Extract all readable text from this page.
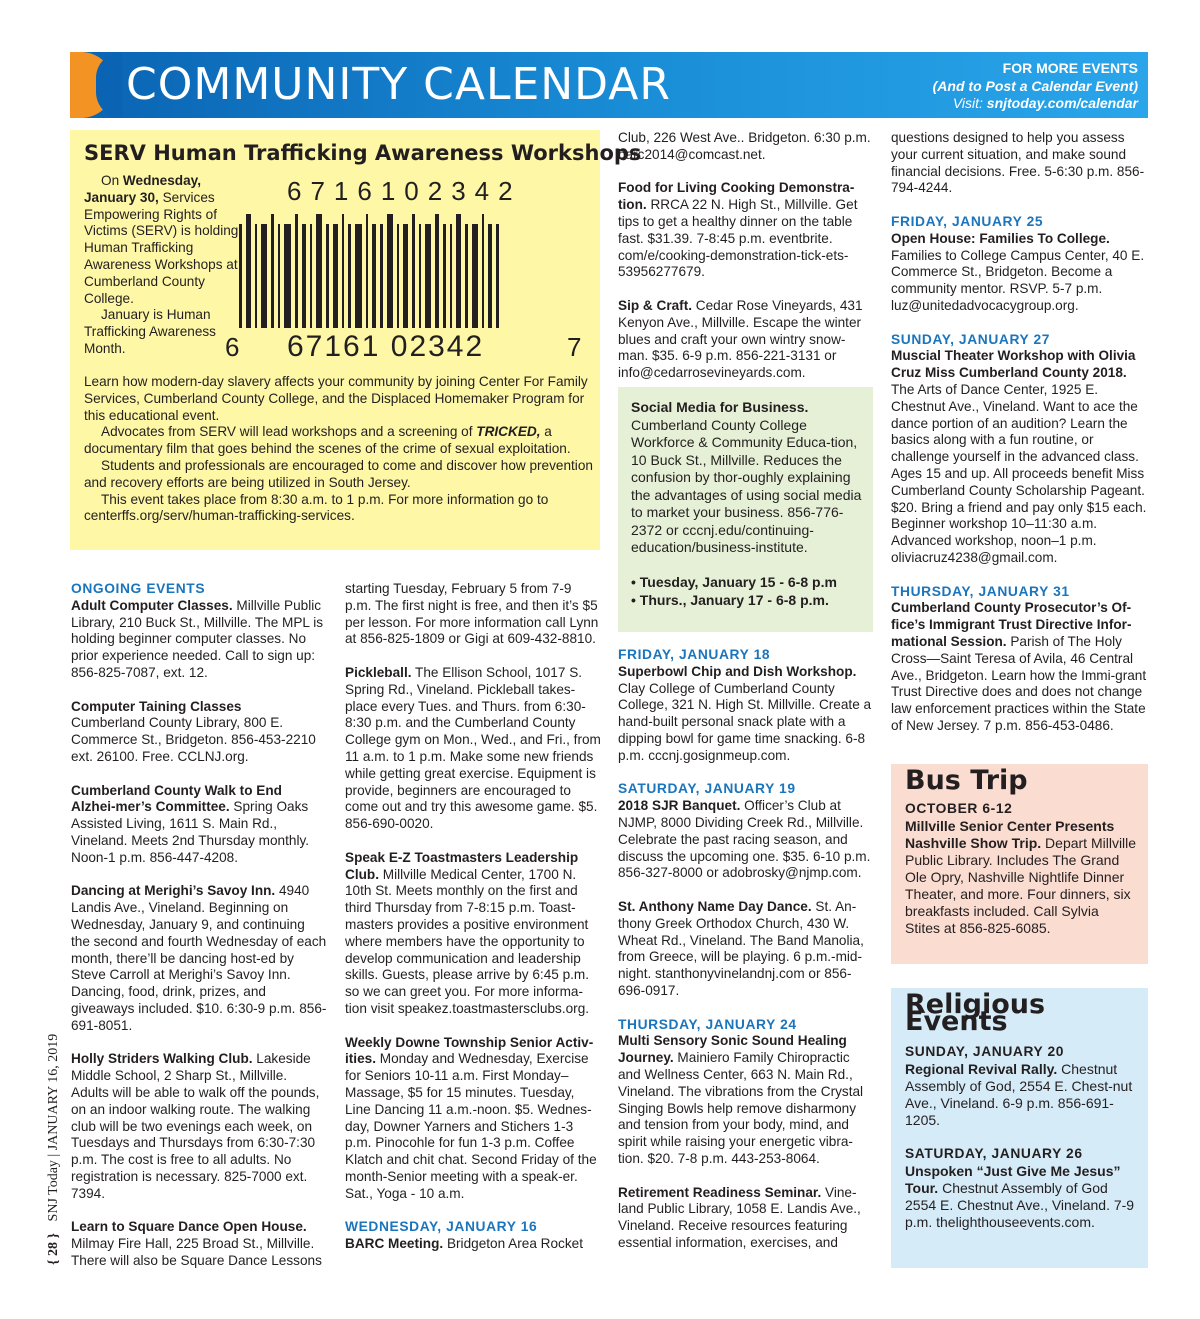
COMMUNITY CALENDAR	FOR MORE EVENTS
(And to Post a Calendar Event)
Visit: snjtoday.com/calendar
SERV Human Trafficking Awareness Workshops
On Wednesday, January 30, Services Empowering Rights of Victims (SERV) is holding Human Trafficking Awareness Workshops at Cumberland County College.
January is Human Trafficking Awareness Month.
6716102342
6 67161 02342	7
Learn how modern-day slavery affects your community by joining Center For Family Services, Cumberland County College, and the Displaced Homemaker Program for this educational event.
Advocates from SERV will lead workshops and a screening of TRICKED, a documentary film that goes behind the scenes of the crime of sexual exploitation.
Students and professionals are encouraged to come and discover how prevention and recovery efforts are being utilized in South Jersey.
This event takes place from 8:30 a.m. to 1 p.m. For more information go to centerffs.org/serv/human-trafficking-services.
ONGOING EVENTS

Adult Computer Classes. Millville Public Library, 210 Buck St., Millville. The MPL is holding beginner computer classes. No prior experience needed. Call to sign up: 856-825-7087, ext. 12.

Computer Taining Classes
Cumberland County Library, 800 E. Commerce St., Bridgeton. 856-453-2210 ext. 26100. Free. CCLNJ.org.

Cumberland County Walk to End Alzhei-mer’s Committee. Spring Oaks Assisted Living, 1611 S. Main Rd., Vineland. Meets 2nd Thursday monthly. Noon-1 p.m. 856-447-4208.

Dancing at Merighi’s Savoy Inn. 4940 Landis Ave., Vineland. Beginning on Wednesday, January 9, and continuing the second and fourth Wednesday of each month, there’ll be dancing host-ed by Steve Carroll at Merighi’s Savoy Inn. Dancing, food, drink, prizes, and giveaways included. $10. 6:30-9 p.m. 856-691-8051.

Holly Striders Walking Club. Lakeside Middle School, 2 Sharp St., Millville. Adults will be able to walk off the pounds, on an indoor walking route. The walking club will be two evenings each week, on Tuesdays and Thursdays from 6:30-7:30 p.m. The cost is free to all adults. No registration is necessary. 825-7000 ext. 7394.

Learn to Square Dance Open House. Milmay Fire Hall, 225 Broad St., Millville. There will also be Square Dance Lessons

starting Tuesday, February 5 from 7-9 p.m. The first night is free, and then it’s $5 per lesson. For more information call Lynn at 856-825-1809 or Gigi at 609-432-8810.

Pickleball. The Ellison School, 1017 S. Spring Rd., Vineland. Pickleball takes-place every Tues. and Thurs. from 6:30-8:30 p.m. and the Cumberland County College gym on Mon., Wed., and Fri., from 11 a.m. to 1 p.m. Make some new friends while getting great exercise. Equipment is provide, beginners are encouraged to come out and try this awesome game. $5. 856-690-0020.

Speak E-Z Toastmasters Leadership Club. Millville Medical Center, 1700 N. 10th St. Meets monthly on the first and third Thursday from 7-8:15 p.m. Toast-masters provides a positive environment where members have the opportunity to develop communication and leadership skills. Guests, please arrive by 6:45 p.m. so we can greet you. For more informa-tion visit speakez.toastmastersclubs.org.

Weekly Downe Township Senior Activ-ities. Monday and Wednesday, Exercise for Seniors 10-11 a.m. First Monday–Massage, $5 for 15 minutes. Tuesday, Line Dancing 11 a.m.-noon. $5. Wednes-day, Downer Yarners and Stichers 1-3 p.m. Pinocohle for fun 1-3 p.m. Coffee Klatch and chit chat. Second Friday of the month-Senior meeting with a speak-er. Sat., Yoga - 10 a.m.

WEDNESDAY, JANUARY 16

BARC Meeting. Bridgeton Area Rocket

Club, 226 West Ave.. Bridgeton. 6:30 p.m. barc2014@comcast.net.

Food for Living Cooking Demonstra-tion. RRCA 22 N. High St., Millville. Get tips to get a healthy dinner on the table fast. $31.39. 7-8:45 p.m. eventbrite. com/e/cooking-demonstration-tick-ets-53956277679.

Sip & Craft. Cedar Rose Vineyards, 431 Kenyon Ave., Millville. Escape the winter blues and craft your own wintry snow-man. $35. 6-9 p.m. 856-221-3131 or info@cedarrosevineyards.com.

Social Media for Business.
Cumberland County College Workforce & Community Educa-tion, 10 Buck St., Millville. Reduces the confusion by thor-oughly explaining the advantages of using social media to market your business. 856-776-2372 or cccnj.edu/continuing-education/business-institute.
• Tuesday, January 15 - 6-8 p.m
• Thurs., January 17 - 6-8 p.m.
FRIDAY, JANUARY 18

Superbowl Chip and Dish Workshop. Clay College of Cumberland County College, 321 N. High St. Millville. Create a hand-built personal snack plate with a dipping bowl for game time snacking. 6-8 p.m. cccnj.gosignmeup.com.

SATURDAY, JANUARY 19

2018 SJR Banquet. Officer’s Club at NJMP, 8000 Dividing Creek Rd., Millville. Celebrate the past racing season, and discuss the upcoming one. $35. 6-10 p.m. 856-327-8000 or adobrosky@njmp.com.

St. Anthony Name Day Dance. St. An-thony Greek Orthodox Church, 430 W. Wheat Rd., Vineland. The Band Manolia, from Greece, will be playing. 6 p.m.-mid-night. stanthonyvinelandnj.com or 856-696-0917.

THURSDAY, JANUARY 24

Multi Sensory Sonic Sound Healing Journey. Mainiero Family Chiropractic and Wellness Center, 663 N. Main Rd., Vineland. The vibrations from the Crystal Singing Bowls help remove disharmony and tension from your body, mind, and spirit while raising your energetic vibra-tion. $20. 7-8 p.m. 443-253-8064.

Retirement Readiness Seminar. Vine-land Public Library, 1058 E. Landis Ave., Vineland. Receive resources featuring essential information, exercises, and

questions designed to help you assess your current situation, and make sound financial decisions. Free. 5-6:30 p.m. 856-794-4244.

FRIDAY, JANUARY 25

Open House: Families To College. Families to College Campus Center, 40 E. Commerce St., Bridgeton. Become a community mentor. RSVP. 5-7 p.m. luz@unitedadvocacygroup.org.

SUNDAY, JANUARY 27

Muscial Theater Workshop with Olivia Cruz Miss Cumberland County 2018. The Arts of Dance Center, 1925 E. Chestnut Ave., Vineland. Want to ace the dance portion of an audition? Learn the basics along with a fun routine, or challenge yourself in the advanced class. Ages 15 and up. All proceeds benefit Miss Cumberland County Scholarship Pageant. $20. Bring a friend and pay only $15 each. Beginner workshop 10–11:30 a.m. Advanced workshop, noon–1 p.m. oliviacruz4238@gmail.com.

THURSDAY, JANUARY 31

Cumberland County Prosecutor’s Of-fice’s Immigrant Trust Directive Infor-mational Session. Parish of The Holy Cross—Saint Teresa of Avila, 46 Central Ave., Bridgeton. Learn how the Immi-grant Trust Directive does and does not change law enforcement practices within the State of New Jersey. 7 p.m. 856-453-0486.

Bus Trip
OCTOBER 6-12
Millville Senior Center Presents Nashville Show Trip. Depart Millville Public Library. Includes The Grand Ole Opry, Nashville Nightlife Dinner Theater, and more. Four dinners, six breakfasts included. Call Sylvia Stites at 856-825-6085.
Religious Events
SUNDAY, JANUARY 20
Regional Revival Rally. Chestnut Assembly of God, 2554 E. Chest-nut Ave., Vineland. 6-9 p.m. 856-691-1205.
SATURDAY, JANUARY 26
Unspoken “Just Give Me Jesus” Tour. Chestnut Assembly of God 2554 E. Chestnut Ave., Vineland. 7-9 p.m. thelighthouseevents.com.
{ 28 } SNJ Today | JANUARY 16, 2019
